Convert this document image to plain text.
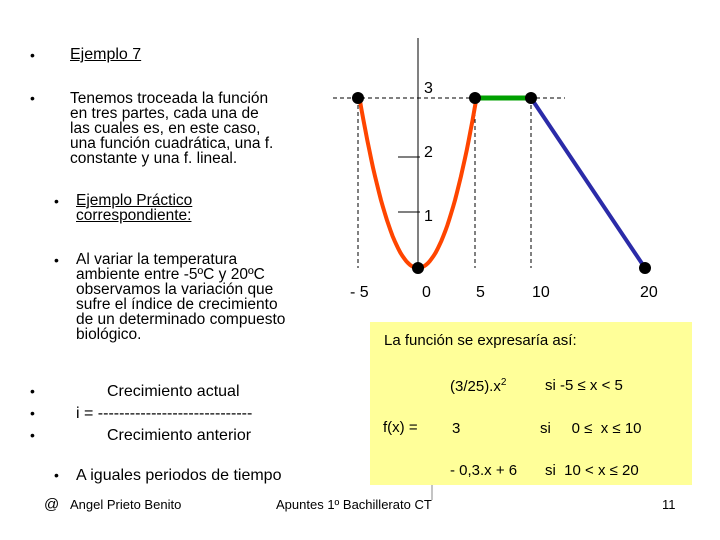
• Ejemplo 7
• Tenemos troceada la función
en tres partes, cada una de
las cuales es, en este caso,
una función cuadrática, una f.
constante y una f. lineal.
• Ejemplo Práctico
correspondiente:
• Al variar la temperatura
ambiente entre -5ºC y 20ºC
observamos la variación que
sufre el índice de crecimiento
de un determinado compuesto
biológico.
•	Crecimiento actual
•	i = -----------------------------
•	Crecimiento anterior
• A iguales periodos de tiempo
3
2
1
- 5	0	5	10	20
La función se expresaría así:
f(x) =
$(3/25).x^2$	si -5 ≤ x < 5
3	si     0 ≤  x ≤ 10
- 0,3.x + 6 si  10 < x ≤ 20
@ Angel Prieto Benito	Apuntes 1º Bachillerato CT	11
